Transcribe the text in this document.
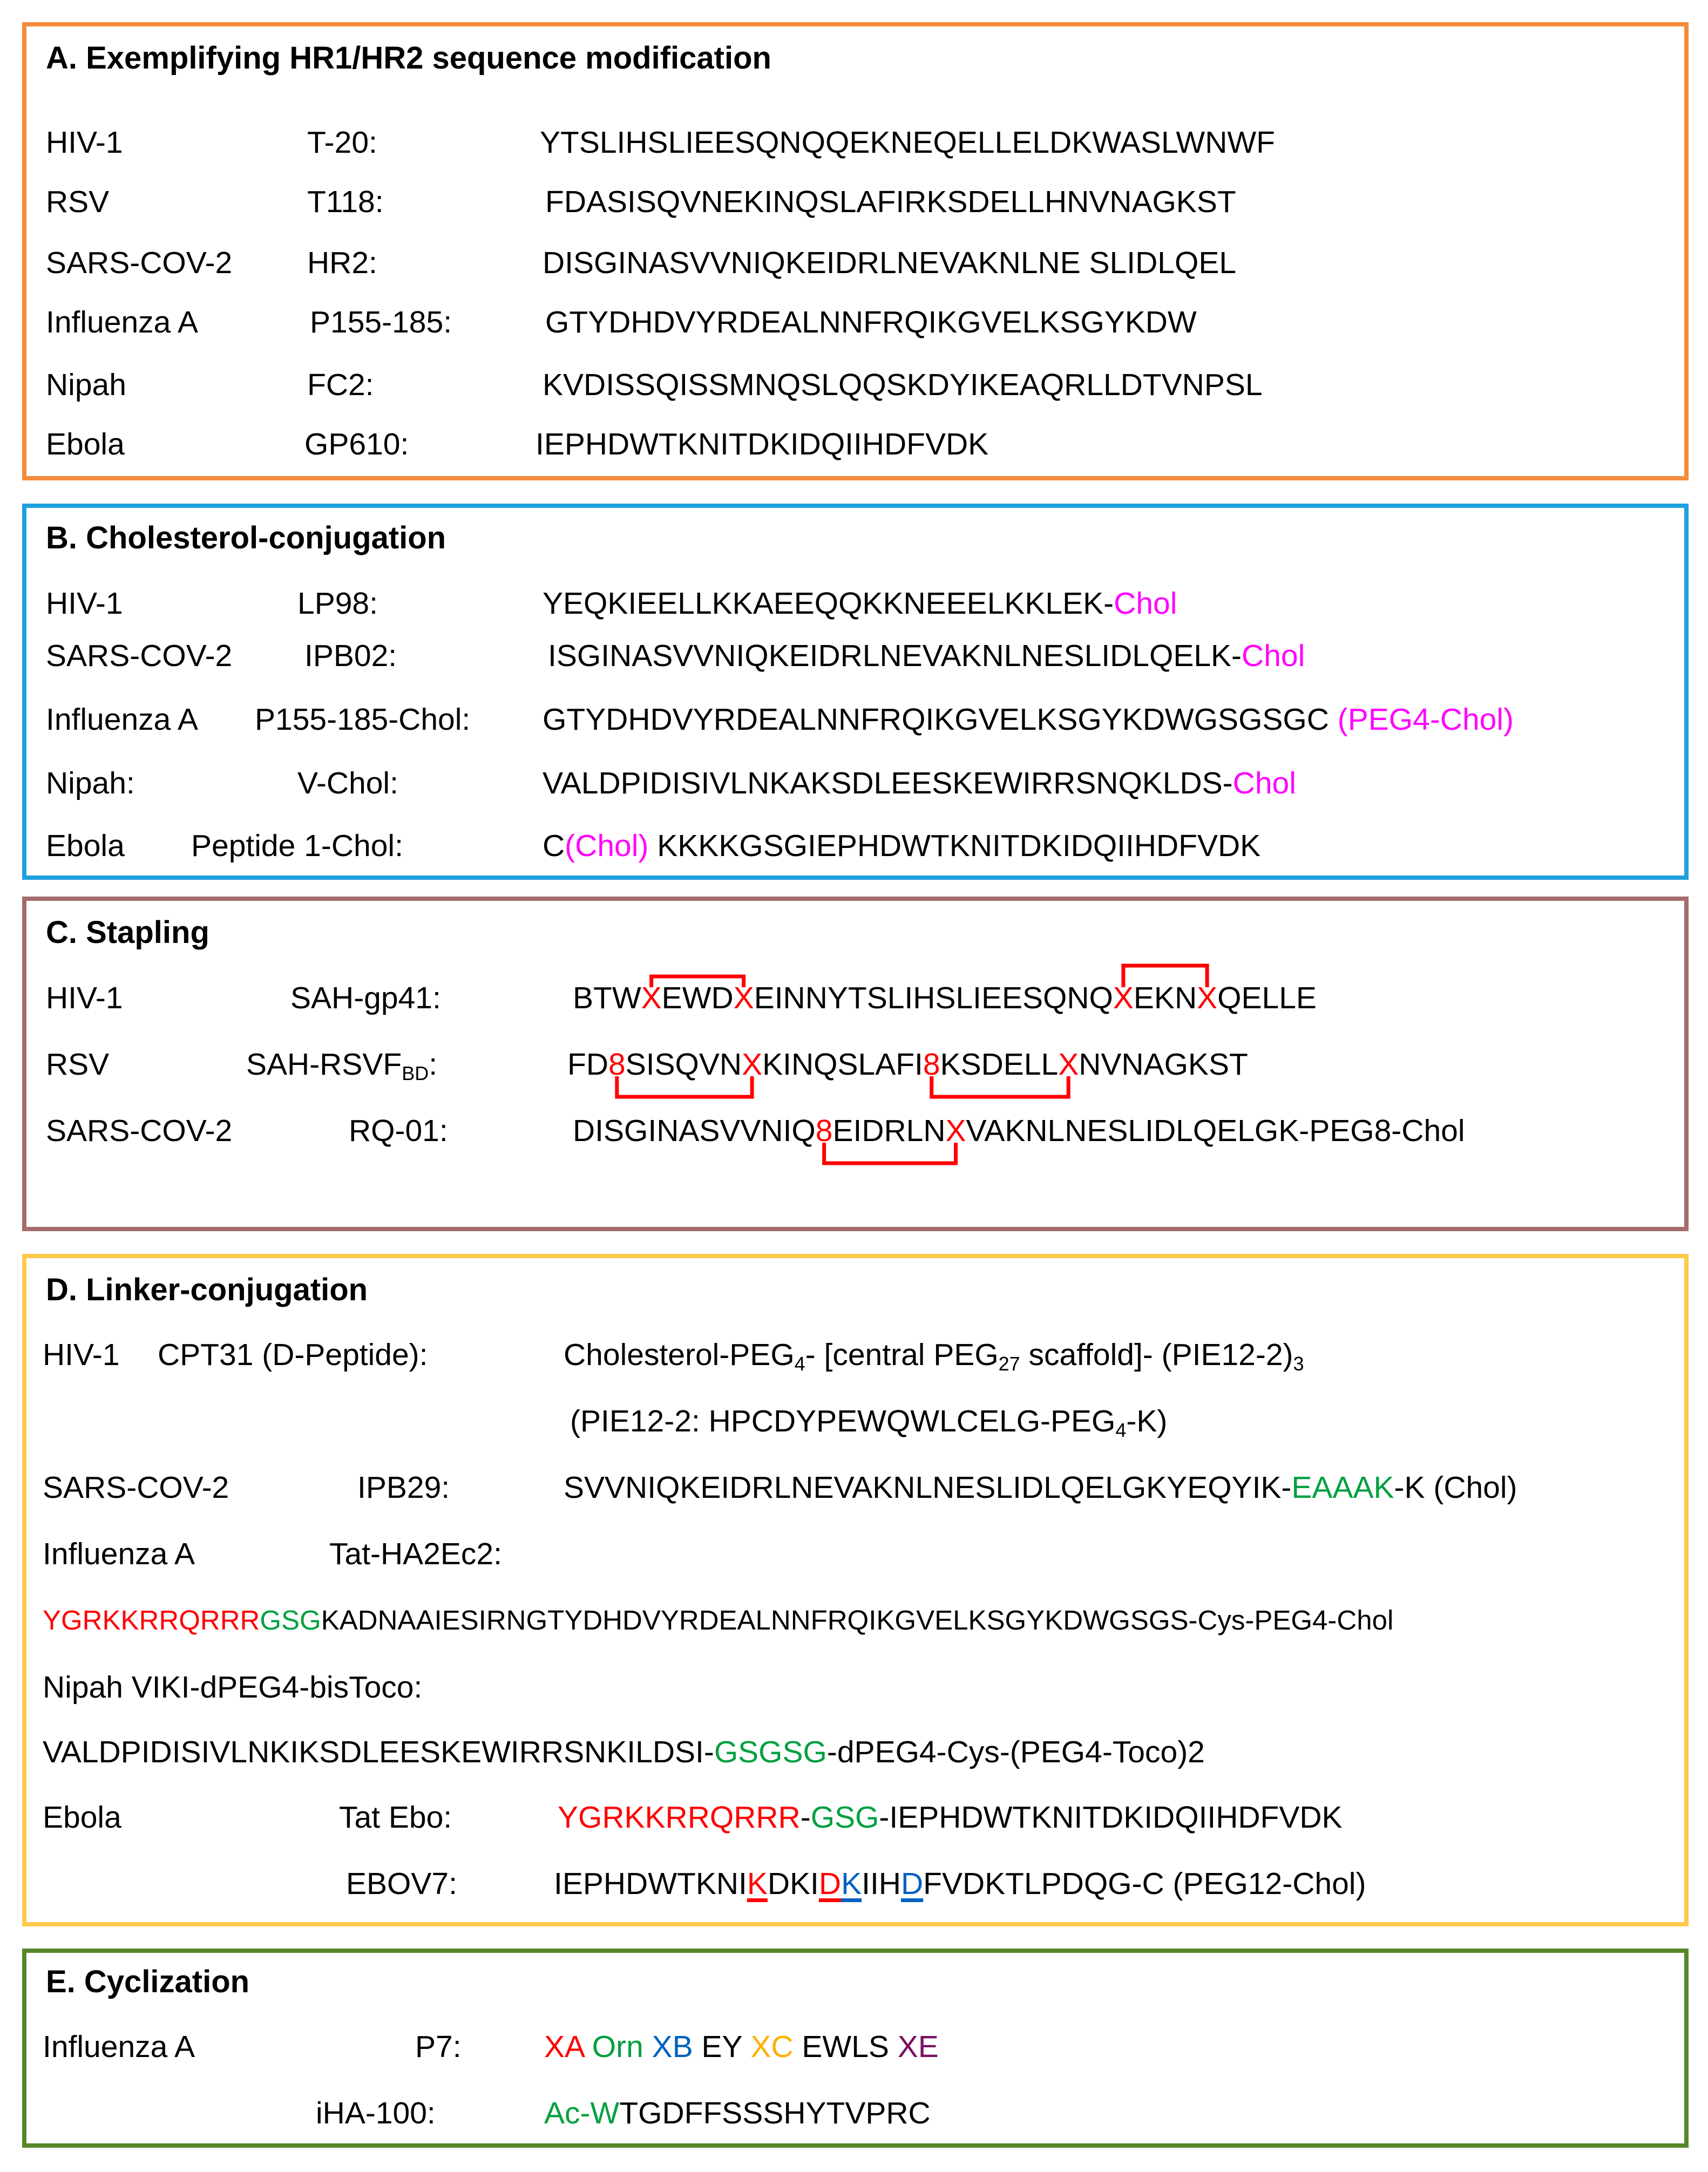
A. Exemplifying HR1/HR2 sequence modification
HIV-1	T-20:	YTSLIHSLIEESQNQQEKNEQELLELDKWASLWNWF
RSV	T118:	FDASISQVNEKINQSLAFIRKSDELLHNVNAGKST
SARS-COV-2 HR2:	DISGINASVVNIQKEIDRLNEVAKNLNE SLIDLQEL
Influenza A	P155-185:	GTYDHDVYRDEALNNFRQIKGVELKSGYKDW
Nipah	FC2:	KVDISSQISSMNQSLQQSKDYIKEAQRLLDTVNPSL
Ebola	GP610:	IEPHDWTKNITDKIDQIIHDFVDK
B. Cholesterol-conjugation
HIV-1	LP98:	YEQKIEELLKKAEEQQKKNEEELKKLEK-Chol
SARS-COV-2 IPB02:	ISGINASVVNIQKEIDRLNEVAKNLNESLIDLQELK-Chol
Influenza A P155-185-Chol: GTYDHDVYRDEALNNFRQIKGVELKSGYKDWGSGSGC (PEG4-Chol)
Nipah:	V-Chol:	VALDPIDISIVLNKAKSDLEESKEWIRRSNQKLDS-Chol
Ebola Peptide 1-Chol:	C(Chol) KKKKGSGIEPHDWTKNITDKIDQIIHDFVDK
C. Stapling
HIV-1	SAH-gp41:	BTWXEWDXEINNYTSLIHSLIEESQNQXEKNXQELLE
RSV	SAH-$RSVF_{BD}$:	FD8SISQVNXKINQSLAFI8KSDELLXNVNAGKST
SARS-COV-2	RQ-01:	DISGINASVVNIQ8EIDRLNXVAKNLNESLIDLQELGK-PEG8-Chol
D. Linker-conjugation
HIV-1 CPT31 (D-Peptide):	Cholesterol-$PEG_4-$ [central $PEG_{27}$ scaffold]- $(PIE12-2)_3$
(PIE12-2: HPCDYPEWQWLCELG-$PEG_4-K$)
SARS-COV-2	IPB29:	SVVNIQKEIDRLNEVAKNLNESLIDLQELGKYEQYIK-EAAAK-K (Chol)
Influenza A	Tat-HA2Ec2:
YGRKKRRQRRRGSGKADNAAIESIRNGTYDHDVYRDEALNNFRQIKGVELKSGYKDWGSGS-Cys-PEG4-Chol
Nipah VIKI-dPEG4-bisToco:
VALDPIDISIVLNKIKSDLEESKEWIRRSNKILDSI-GSGSG-dPEG4-Cys-(PEG4-Toco)2
Ebola	Tat Ebo:	YGRKKRRQRRR-GSG-IEPHDWTKNITDKIDQIIHDFVDK
EBOV7:	IEPHDWTKNIKDKIDKIIHDFVDKTLPDQG-C (PEG12-Chol)
E. Cyclization
Influenza A	P7:	XA Orn XB EY XC EWLS XE
iHA-100:	Ac-WTGDFFSSSHYTVPRC
